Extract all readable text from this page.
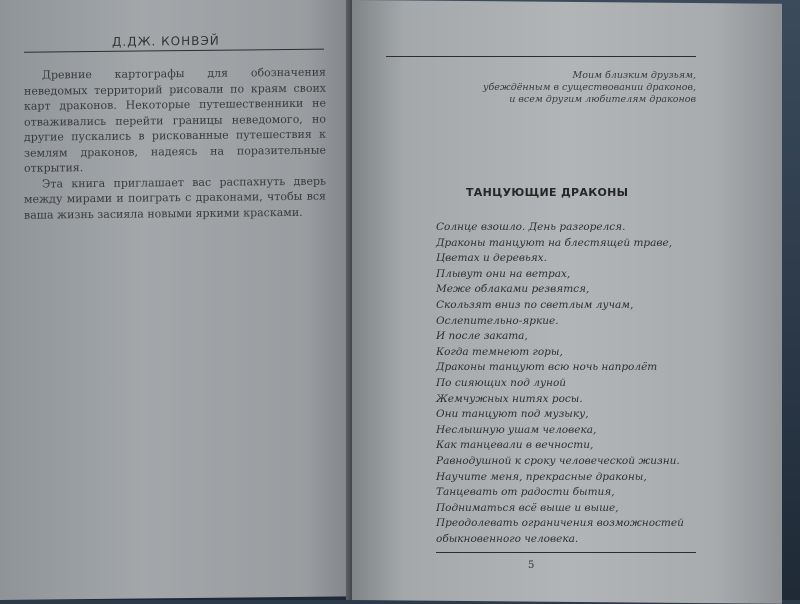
Д.ДЖ. КОНВЭЙ

Древние картографы для обозначения неведомых территорий рисовали по краям своих карт драконов. Некоторые путешественники не отваживались перейти границы неведомого, но другие пускались в рискованные путешествия к землям драконов, надеясь на поразительные открытия.

Эта книга приглашает вас распахнуть дверь между мирами и поиграть с драконами, чтобы вся ваша жизнь засияла новыми яркими красками.

Моим близким друзьям,
убеждённым в существовании драконов,
и всем другим любителям драконов
ТАНЦУЮЩИЕ ДРАКОНЫ
Солнце взошло. День разгорелся.
Драконы танцуют на блестящей траве,
Цветах и деревьях.
Плывут они на ветрах,
Меже облаками резвятся,
Скользят вниз по светлым лучам,
Ослепительно-яркие.
И после заката,
Когда темнеют горы,
Драконы танцуют всю ночь напролёт
По сияющих под луной
Жемчужных нитях росы.
Они танцуют под музыку,
Неслышную ушам человека,
Как танцевали в вечности,
Равнодушной к сроку человеческой жизни.
Научите меня, прекрасные драконы,
Танцевать от радости бытия,
Подниматься всё выше и выше,
Преодолевать ограничения возможностей
обыкновенного человека.
5
